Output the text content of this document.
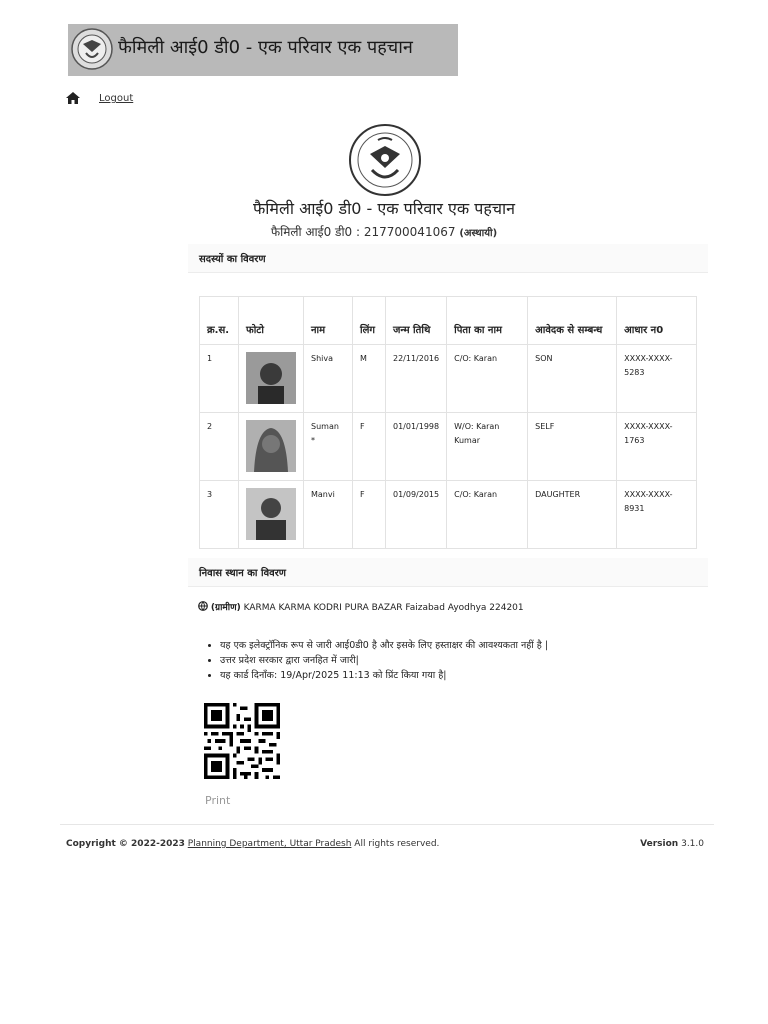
फैमिली आई0 डी0 - एक परिवार एक पहचान
Logout
फैमिली आई0 डी0 - एक परिवार एक पहचान
फैमिली आई0 डी0 : 217700041067 (अस्थायी)
सदस्यों का विवरण
क्र.स.	फोटो	नाम	लिंग	जन्म तिथि	पिता का नाम	आवेदक से सम्बन्ध	आधार न0
1		Shiva	M	22/11/2016	C/O: Karan	SON	XXXX-XXXX-5283
2		Suman *	F	01/01/1998	W/O: Karan Kumar	SELF	XXXX-XXXX-1763
3		Manvi	F	01/09/2015	C/O: Karan	DAUGHTER	XXXX-XXXX-8931
निवास स्थान का विवरण
(ग्रामीण) KARMA KARMA KODRI PURA BAZAR Faizabad Ayodhya 224201
• यह एक इलेक्ट्रॉनिक रूप से जारी आई0डी0 है और इसके लिए हस्ताक्षर की आवश्यकता नहीं है |
• उत्तर प्रदेश सरकार द्वारा जनहित में जारी|
• यह कार्ड दिनाँक: 19/Apr/2025 11:13 को प्रिंट किया गया है|
Print
Copyright © 2022-2023 Planning Department, Uttar Pradesh All rights reserved.	Version 3.1.0
